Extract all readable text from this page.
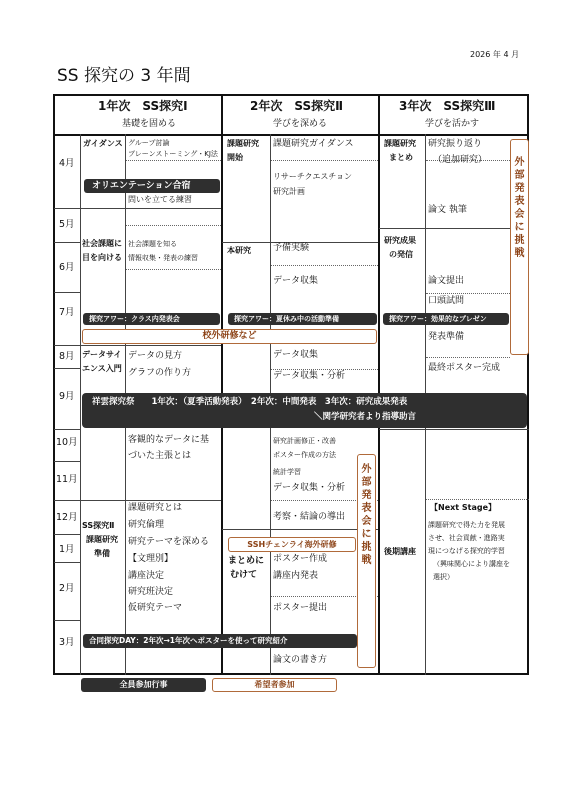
2026 年 4 月
SS 探究の 3 年間
1年次　SS探究Ⅰ
基礎を固める
2年次　SS探究Ⅱ
学びを深める
3年次　SS探究Ⅲ
学びを活かす
4月
5月
6月
7月
8月
9月
10月
11月
12月
1月
2月
3月
ガイダンス グループ討論
ブレーンストーミング・KJ法
オリエンテーション合宿
問いを立てる練習
社会課題に
目を向ける
社会課題を知る
情報収集・発表の練習
探究アワー：クラス内発表会
データサイ
エンス入門
データの見方
グラフの作り方
客観的なデータに基
づいた主張とは
SS探究Ⅱ
課題研究
準備
課題研究とは
研究倫理
研究テーマを深める
【文理別】
講座決定
研究班決定
仮研究テーマ
課題研究
開始
課題研究ガイダンス
リサーチクエスチョン
研究計画
本研究 予備実験
データ収集
探究アワー：夏休み中の活動準備
校外研修など
データ収集
データ収集・分析
研究計画修正・改善
ポスター作成の方法
統計学習
データ収集・分析
考察・結論の導出
外部発表会に挑戦
SSHチェンライ海外研修
まとめに
むけて
ポスター作成
講座内発表
ポスター提出
論文の書き方
課題研究
まとめ
研究振り返り
（追加研究）
論文 執筆
研究成果
の発信
論文提出
口頭試問
探究アワー：効果的なプレゼン
発表準備
最終ポスター完成
外部発表会に挑戦
後期講座
【Next Stage】
課題研究で得た力を発展
させ、社会貢献・進路実
現につなげる探究的学習
（興味関心により講座を
選択）
祥雲探究祭　　1年次：（夏季活動発表）　2年次：中間発表　3年次：研究成果発表
＼関学研究者より指導助言
合同探究DAY：2年次→1年次へポスターを使って研究紹介
全員参加行事	希望者参加
